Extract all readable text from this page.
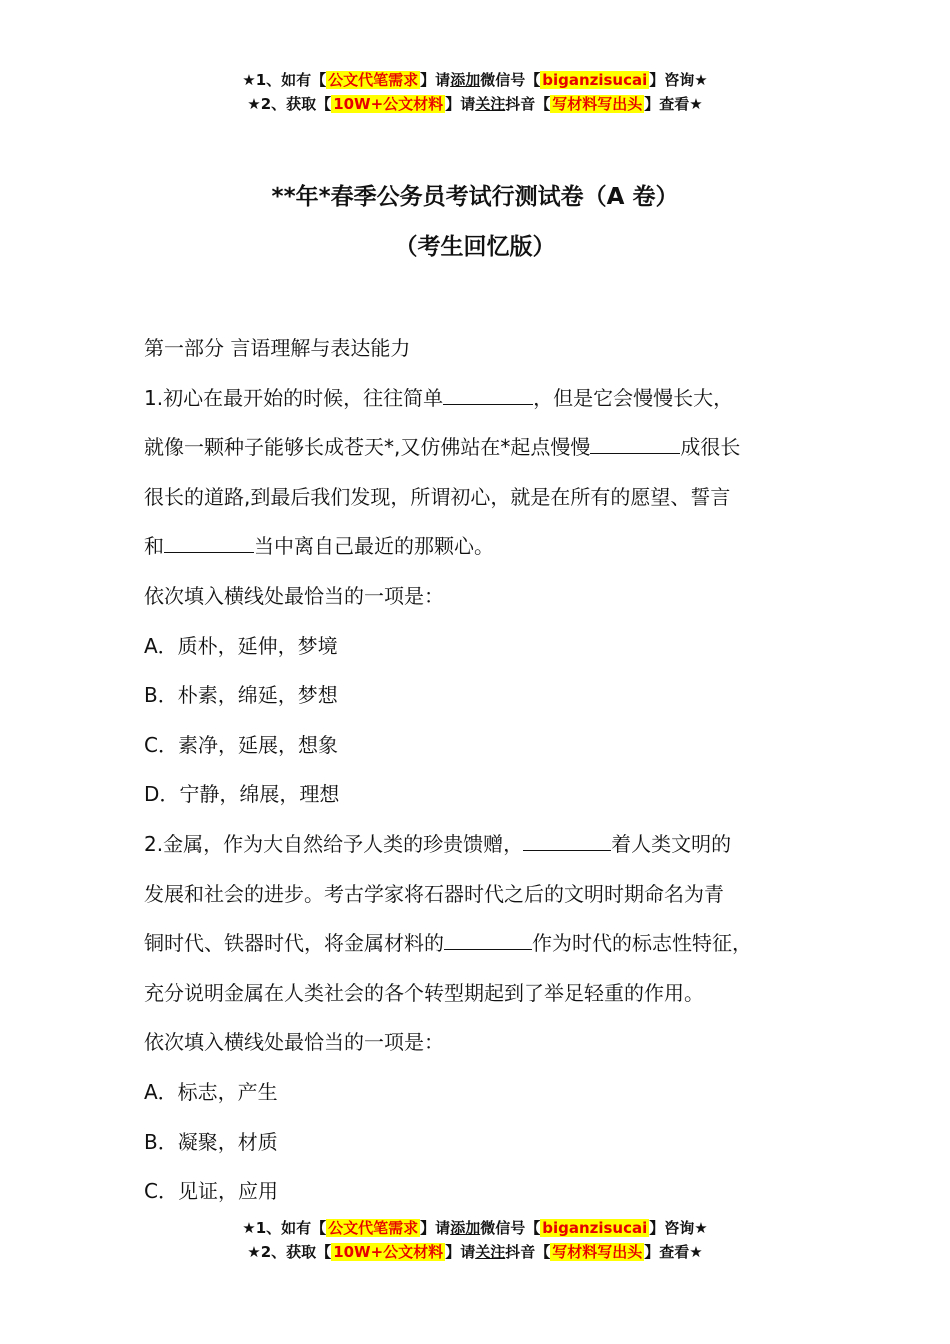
★1、如有【 公文代笔需求 】请添加微信号【 biganzisucai 】咨询★
★2、获取【 10W+公文材料 】请关注抖音【 写材料写出头 】查看★
**年*春季公务员考试行测试卷（A 卷）
（考生回忆版）
第一部分 言语理解与表达能力
1.初心在最开始的时候，往往简单	，但是它会慢慢长大，
就像一颗种子能够长成苍天*,又仿佛站在*起点慢慢	成很长
很长的道路,到最后我们发现，所谓初心，就是在所有的愿望、誓言
和	当中离自己最近的那颗心。
依次填入横线处最恰当的一项是：
A．质朴，延伸，梦境
B．朴素，绵延，梦想
C．素净，延展，想象
D．宁静，绵展，理想
2.金属，作为大自然给予人类的珍贵馈赠，	着人类文明的
发展和社会的进步。考古学家将石器时代之后的文明时期命名为青
铜时代、铁器时代，将金属材料的	作为时代的标志性特征，
充分说明金属在人类社会的各个转型期起到了举足轻重的作用。
依次填入横线处最恰当的一项是：
A．标志，产生
B．凝聚，材质
C．见证，应用
★1、如有【 公文代笔需求 】请添加微信号【 biganzisucai 】咨询★
★2、获取【 10W+公文材料 】请关注抖音【 写材料写出头 】查看★
